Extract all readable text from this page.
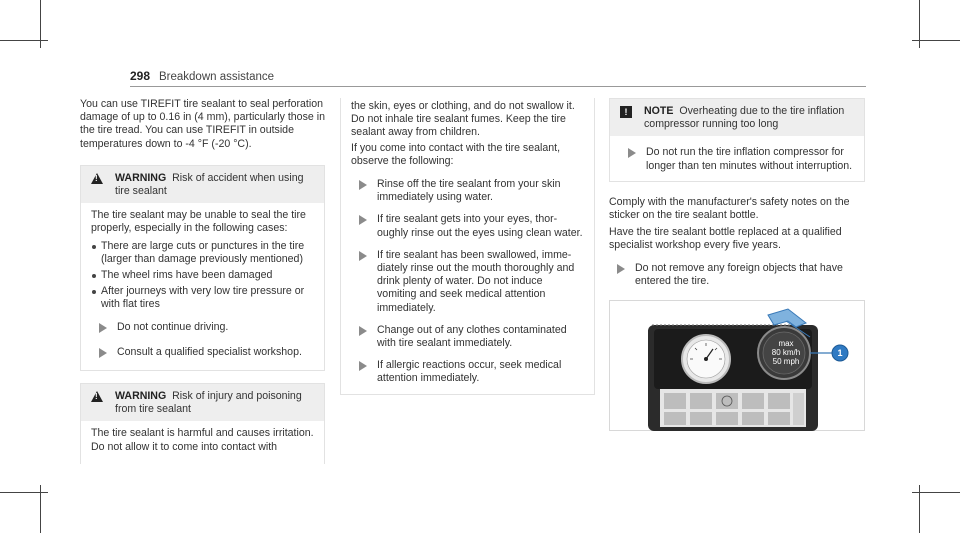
298 Breakdown assistance

You can use TIREFIT tire sealant to seal perforation damage of up to 0.16 in (4 mm), particularly those in the tire tread. You can use TIREFIT in outside temperatures down to -4 °F (-20 °C).

!
WARNING Risk of accident when using tire sealant

The tire sealant may be unable to seal the tire properly, especially in the following cases:

There are large cuts or punctures in the tire (larger than damage previously mentioned)
The wheel rims have been damaged
After journeys with very low tire pressure or with flat tires
Do not continue driving.
Consult a qualified specialist workshop.
!
WARNING Risk of injury and poisoning from tire sealant

The tire sealant is harmful and causes irritation. Do not allow it to come into contact with

the skin, eyes or clothing, and do not swallow it. Do not inhale tire sealant fumes. Keep the tire sealant away from children.

If you come into contact with the tire sealant, observe the following:

Rinse off the tire sealant from your skin immediately using water.
If tire sealant gets into your eyes, thoroughly rinse out the eyes using clean water.
If tire sealant has been swallowed, immediately rinse out the mouth thoroughly and drink plenty of water. Do not induce vomiting and seek medical attention immediately.
Change out of any clothes contaminated with tire sealant immediately.
If allergic reactions occur, seek medical attention immediately.
!	NOTE Overheating due to the tire inflation compressor running too long
Do not run the tire inflation compressor for longer than ten minutes without interruption.

Comply with the manufacturer's safety notes on the sticker on the tire sealant bottle.

Have the tire sealant bottle replaced at a qualified specialist workshop every five years.

Do not remove any foreign objects that have entered the tire.
max
80 km/h
50 mph
1
